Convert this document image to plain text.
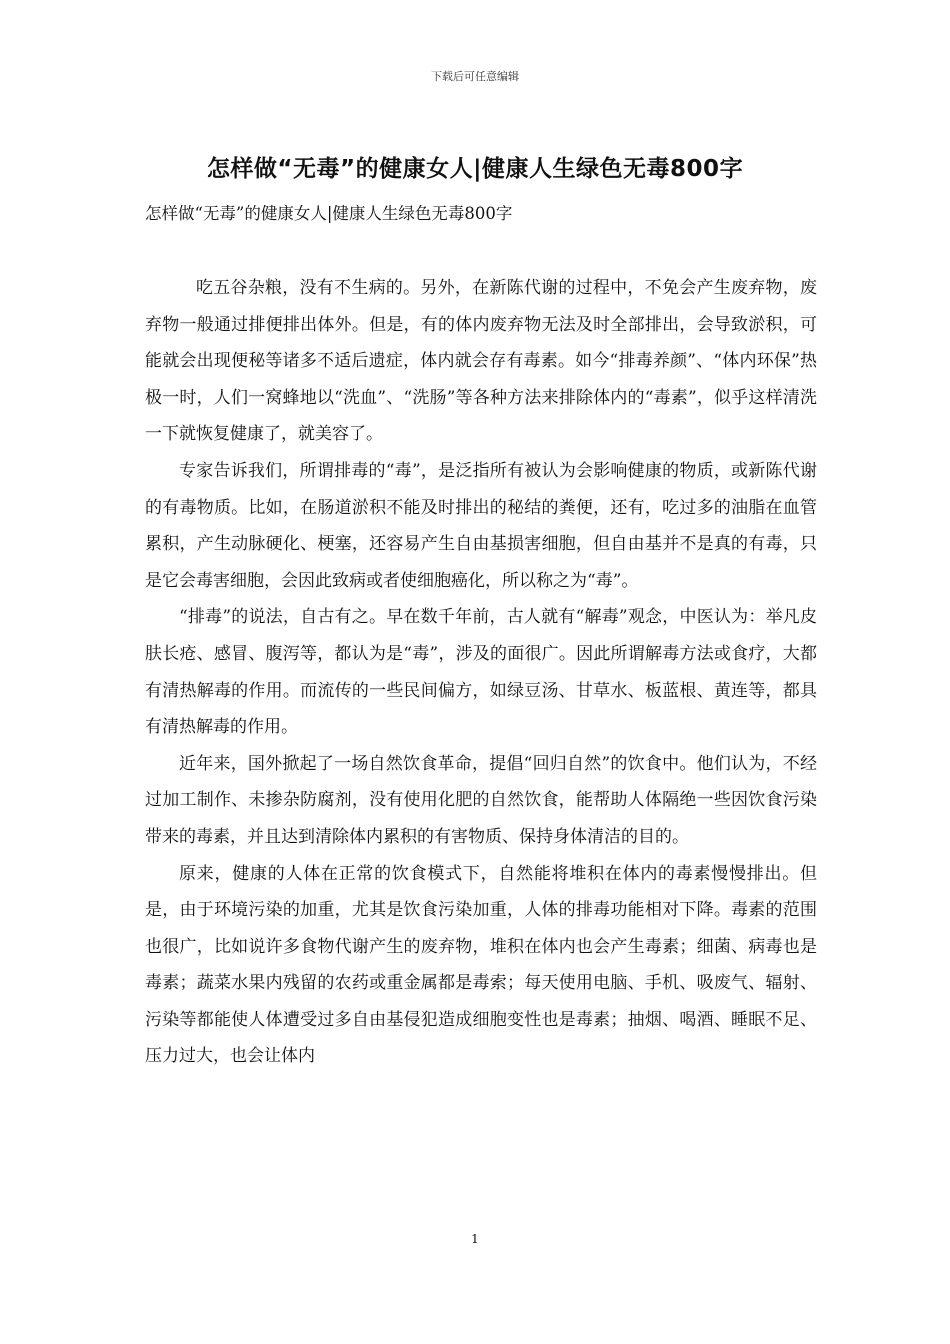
下载后可任意编辑
怎样做“无毒”的健康女人|健康人生绿色无毒800字

怎样做“无毒”的健康女人|健康人生绿色无毒800字

吃五谷杂粮，没有不生病的。另外，在新陈代谢的过程中，不免会产生废弃物，废弃物一般通过排便排出体外。但是，有的体内废弃物无法及时全部排出，会导致淤积，可能就会出现便秘等诸多不适后遗症，体内就会存有毒素。如今“排毒养颜”、“体内环保”热极一时，人们一窝蜂地以“洗血”、“洗肠”等各种方法来排除体内的“毒素”，似乎这样清洗一下就恢复健康了，就美容了。

专家告诉我们，所谓排毒的“毒”，是泛指所有被认为会影响健康的物质，或新陈代谢的有毒物质。比如，在肠道淤积不能及时排出的秘结的粪便，还有，吃过多的油脂在血管累积，产生动脉硬化、梗塞，还容易产生自由基损害细胞，但自由基并不是真的有毒，只是它会毒害细胞，会因此致病或者使细胞癌化，所以称之为“毒”。

“排毒”的说法，自古有之。早在数千年前，古人就有“解毒”观念，中医认为：举凡皮肤长疮、感冒、腹泻等，都认为是“毒”，涉及的面很广。因此所谓解毒方法或食疗，大都有清热解毒的作用。而流传的一些民间偏方，如绿豆汤、甘草水、板蓝根、黄连等，都具有清热解毒的作用。

近年来，国外掀起了一场自然饮食革命，提倡“回归自然”的饮食中。他们认为，不经过加工制作、未掺杂防腐剂，没有使用化肥的自然饮食，能帮助人体隔绝一些因饮食污染带来的毒素，并且达到清除体内累积的有害物质、保持身体清洁的目的。

原来，健康的人体在正常的饮食模式下，自然能将堆积在体内的毒素慢慢排出。但是，由于环境污染的加重，尤其是饮食污染加重，人体的排毒功能相对下降。毒素的范围也很广，比如说许多食物代谢产生的废弃物，堆积在体内也会产生毒素；细菌、病毒也是毒素；蔬菜水果内残留的农药或重金属都是毒索；每天使用电脑、手机、吸废气、辐射、污染等都能使人体遭受过多自由基侵犯造成细胞变性也是毒素；抽烟、喝酒、睡眠不足、压力过大，也会让体内

1
